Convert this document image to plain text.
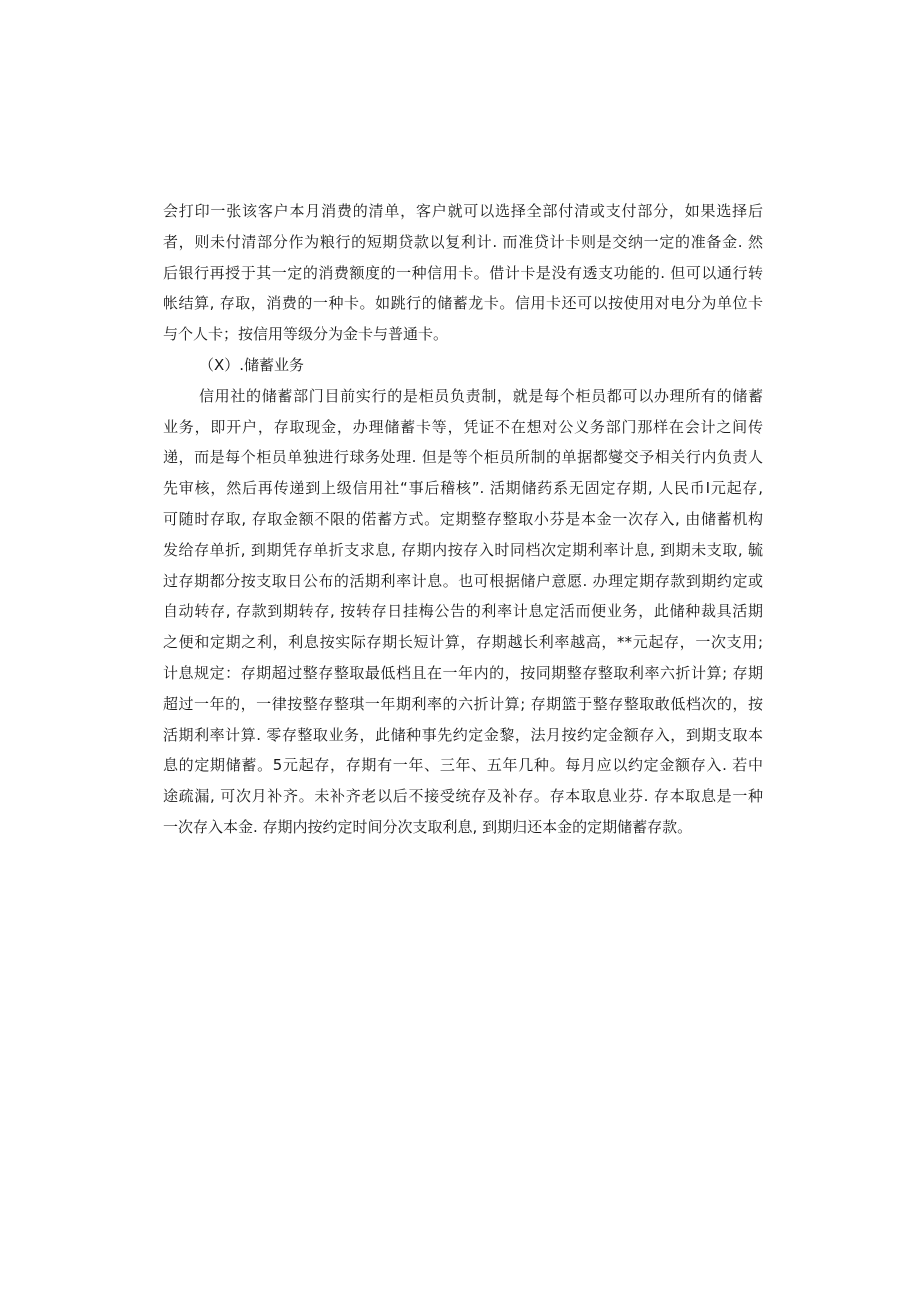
会打印一张该客户本月消费的清单，客户就可以选择全部付清或支付部分，如果选择后
者，则未付清部分作为粮行的短期贷款以复利计. 而准贷计卡则是交纳一定的准备金. 然
后银行再授于其一定的消费额度的一种信用卡。借计卡是没有透支功能的. 但可以通行转
帐结算, 存取，消费的一种卡。如跳行的储蓄龙卡。信用卡还可以按使用对电分为单位卡
与个人卡；按信用等级分为金卡与普通卡。
（X）.储蓄业务
信用社的储蓄部门目前实行的是柜员负责制，就是每个柜员都可以办理所有的储蓄
业务，即开户，存取现金，办理储蓄卡等，凭证不在想对公义务部门那样在会计之间传
递，而是每个柜员单独进行球务处理. 但是等个柜员所制的单据都燮交予相关行内负责人
先审核，然后再传递到上级信用社“事后稽核”. 活期储药系无固定存期, 人民币I元起存,
可随时存取, 存取金额不限的偌蓄方式。定期整存整取小芬是本金一次存入, 由储蓄机构
发给存单折, 到期凭存单折支求息, 存期内按存入时同档次定期利率计息, 到期未支取, 毓
过存期都分按支取日公布的活期利率计息。也可根据储户意愿. 办理定期存款到期约定或
自动转存, 存款到期转存, 按转存日挂梅公告的利率计息定活而便业务，此储种裁具活期
之便和定期之利，利息按实际存期长短计算，存期越长利率越高，**元起存，一次支用;
计息规定：存期超过整存整取最低档且在一年内的，按同期整存整取利率六折计算; 存期
超过一年的，一律按整存整琪一年期利率的六折计算; 存期篮于整存整取敢低档次的，按
活期利率计算. 零存整取业务，此储种事先约定金黎，法月按约定金额存入，到期支取本
息的定期储蓄。5元起存，存期有一年、三年、五年几种。每月应以约定金额存入. 若中
途疏漏, 可次月补齐。未补齐老以后不接受统存及补存。存本取息业芬. 存本取息是一种
一次存入本金. 存期内按约定时间分次支取利息, 到期归还本金的定期储蓄存款。
